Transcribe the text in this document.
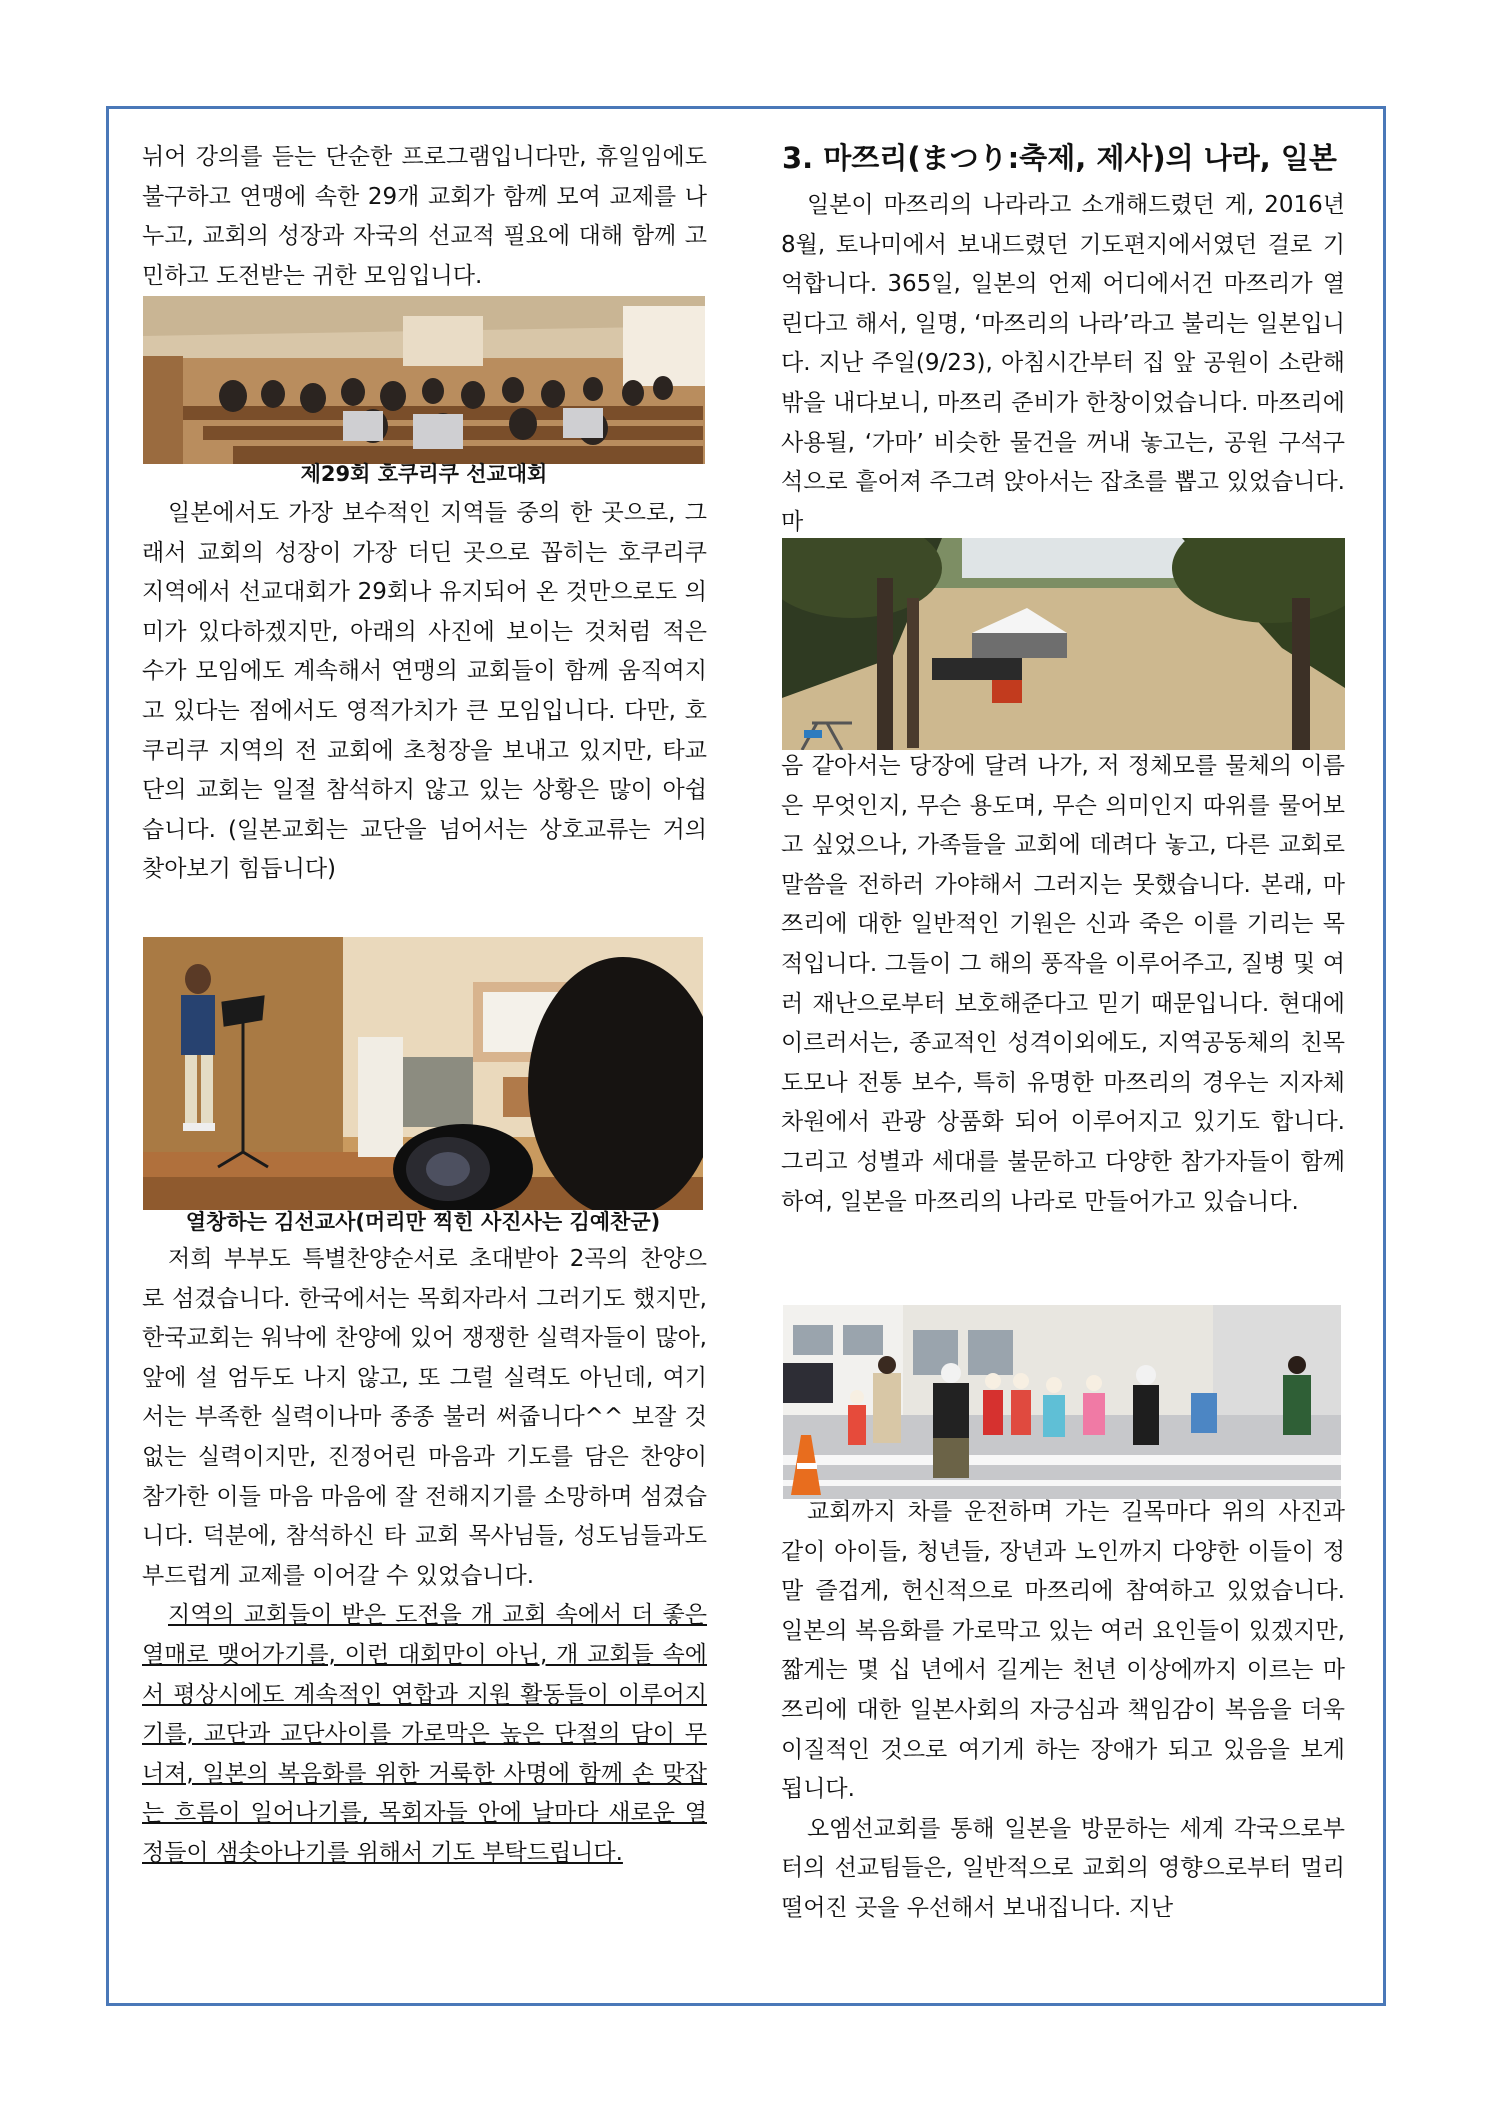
뉘어 강의를 듣는 단순한 프로그램입니다만, 휴일임에도 불구하고 연맹에 속한 29개 교회가 함께 모여 교제를 나누고, 교회의 성장과 자국의 선교적 필요에 대해 함께 고민하고 도전받는 귀한 모임입니다.

제29회 호쿠리쿠 선교대회

일본에서도 가장 보수적인 지역들 중의 한 곳으로, 그래서 교회의 성장이 가장 더딘 곳으로 꼽히는 호쿠리쿠 지역에서 선교대회가 29회나 유지되어 온 것만으로도 의미가 있다하겠지만, 아래의 사진에 보이는 것처럼 적은 수가 모임에도 계속해서 연맹의 교회들이 함께 움직여지고 있다는 점에서도 영적가치가 큰 모임입니다. 다만, 호쿠리쿠 지역의 전 교회에 초청장을 보내고 있지만, 타교단의 교회는 일절 참석하지 않고 있는 상황은 많이 아쉽습니다. (일본교회는 교단을 넘어서는 상호교류는 거의 찾아보기 힘듭니다)

열창하는 김선교사(머리만 찍힌 사진사는 김예찬군)

저희 부부도 특별찬양순서로 초대받아 2곡의 찬양으로 섬겼습니다. 한국에서는 목회자라서 그러기도 했지만, 한국교회는 워낙에 찬양에 있어 쟁쟁한 실력자들이 많아, 앞에 설 엄두도 나지 않고, 또 그럴 실력도 아닌데, 여기서는 부족한 실력이나마 종종 불러 써줍니다^^ 보잘 것 없는 실력이지만, 진정어린 마음과 기도를 담은 찬양이 참가한 이들 마음 마음에 잘 전해지기를 소망하며 섬겼습니다. 덕분에, 참석하신 타 교회 목사님들, 성도님들과도 부드럽게 교제를 이어갈 수 있었습니다.

지역의 교회들이 받은 도전을 개 교회 속에서 더 좋은 열매로 맺어가기를, 이런 대회만이 아닌, 개 교회들 속에서 평상시에도 계속적인 연합과 지원 활동들이 이루어지기를, 교단과 교단사이를 가로막은 높은 단절의 담이 무너져, 일본의 복음화를 위한 거룩한 사명에 함께 손 맞잡는 흐름이 일어나기를, 목회자들 안에 날마다 새로운 열정들이 샘솟아나기를 위해서 기도 부탁드립니다.

3. 마쯔리(まつり:축제, 제사)의 나라, 일본

일본이 마쯔리의 나라라고 소개해드렸던 게, 2016년 8월, 토나미에서 보내드렸던 기도편지에서였던 걸로 기억합니다. 365일, 일본의 언제 어디에서건 마쯔리가 열린다고 해서, 일명, ‘마쯔리의 나라’라고 불리는 일본입니다. 지난 주일(9/23), 아침시간부터 집 앞 공원이 소란해 밖을 내다보니, 마쯔리 준비가 한창이었습니다. 마쯔리에 사용될, ‘가마’ 비슷한 물건을 꺼내 놓고는, 공원 구석구석으로 흩어져 주그려 앉아서는 잡초를 뽑고 있었습니다. 마

음 같아서는 당장에 달려 나가, 저 정체모를 물체의 이름은 무엇인지, 무슨 용도며, 무슨 의미인지 따위를 물어보고 싶었으나, 가족들을 교회에 데려다 놓고, 다른 교회로 말씀을 전하러 가야해서 그러지는 못했습니다. 본래, 마쯔리에 대한 일반적인 기원은 신과 죽은 이를 기리는 목적입니다. 그들이 그 해의 풍작을 이루어주고, 질병 및 여러 재난으로부터 보호해준다고 믿기 때문입니다. 현대에 이르러서는, 종교적인 성격이외에도, 지역공동체의 친목도모나 전통 보수, 특히 유명한 마쯔리의 경우는 지자체 차원에서 관광 상품화 되어 이루어지고 있기도 합니다. 그리고 성별과 세대를 불문하고 다양한 참가자들이 함께하여, 일본을 마쯔리의 나라로 만들어가고 있습니다.

교회까지 차를 운전하며 가는 길목마다 위의 사진과 같이 아이들, 청년들, 장년과 노인까지 다양한 이들이 정말 즐겁게, 헌신적으로 마쯔리에 참여하고 있었습니다. 일본의 복음화를 가로막고 있는 여러 요인들이 있겠지만, 짧게는 몇 십 년에서 길게는 천년 이상에까지 이르는 마쯔리에 대한 일본사회의 자긍심과 책임감이 복음을 더욱 이질적인 것으로 여기게 하는 장애가 되고 있음을 보게 됩니다.

오엠선교회를 통해 일본을 방문하는 세계 각국으로부터의 선교팀들은, 일반적으로 교회의 영향으로부터 멀리 떨어진 곳을 우선해서 보내집니다. 지난
